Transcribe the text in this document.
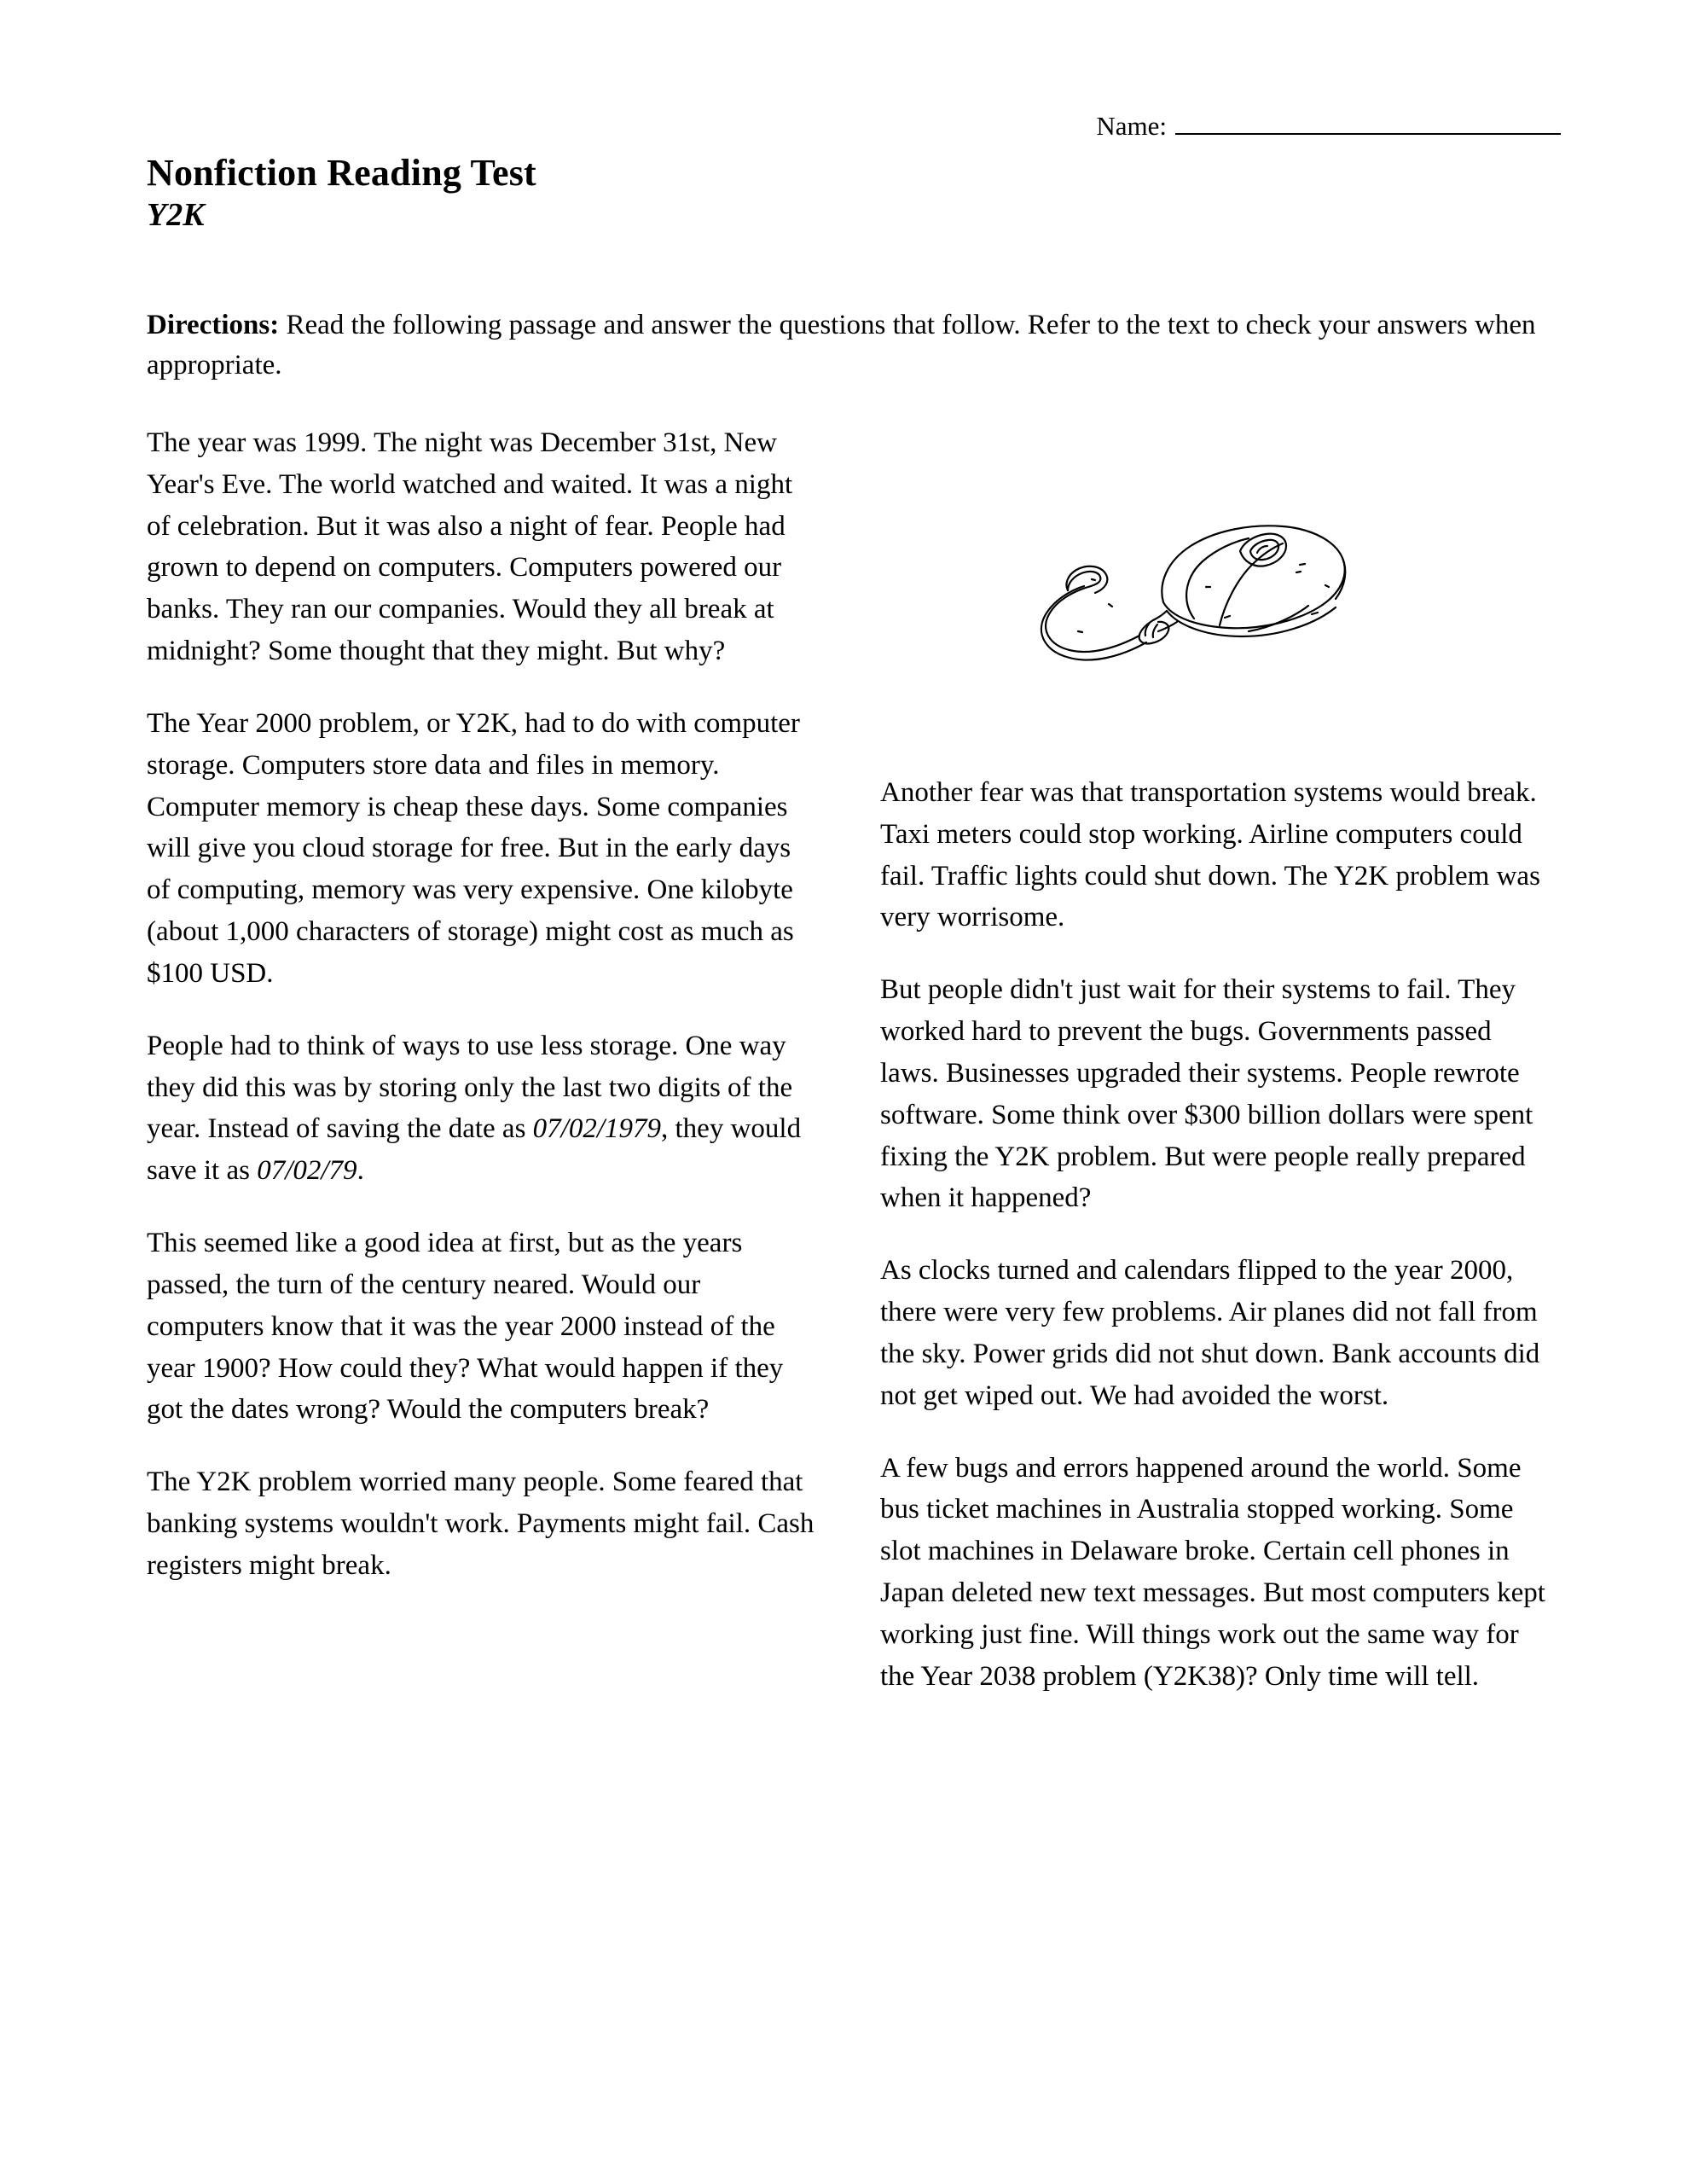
Name:
Nonfiction Reading Test
Y2K

Directions: Read the following passage and answer the questions that follow. Refer to the text to check your answers when appropriate.

The year was 1999. The night was December 31st, New Year's Eve. The world watched and waited. It was a night of celebration. But it was also a night of fear. People had grown to depend on computers. Computers powered our banks. They ran our companies. Would they all break at midnight? Some thought that they might. But why?

The Year 2000 problem, or Y2K, had to do with computer storage. Computers store data and files in memory. Computer memory is cheap these days. Some companies will give you cloud storage for free. But in the early days of computing, memory was very expensive. One kilobyte (about 1,000 characters of storage) might cost as much as $100 USD.

People had to think of ways to use less storage. One way they did this was by storing only the last two digits of the year. Instead of saving the date as 07/02/1979, they would save it as 07/02/79.

This seemed like a good idea at first, but as the years passed, the turn of the century neared. Would our computers know that it was the year 2000 instead of the year 1900? How could they? What would happen if they got the dates wrong? Would the computers break?

The Y2K problem worried many people. Some feared that banking systems wouldn't work. Payments might fail. Cash registers might break.

Another fear was that transportation systems would break. Taxi meters could stop working. Airline computers could fail. Traffic lights could shut down. The Y2K problem was very worrisome.

But people didn't just wait for their systems to fail. They worked hard to prevent the bugs. Governments passed laws. Businesses upgraded their systems. People rewrote software. Some think over $300 billion dollars were spent fixing the Y2K problem. But were people really prepared when it happened?

As clocks turned and calendars flipped to the year 2000, there were very few problems. Air planes did not fall from the sky. Power grids did not shut down. Bank accounts did not get wiped out. We had avoided the worst.

A few bugs and errors happened around the world. Some bus ticket machines in Australia stopped working. Some slot machines in Delaware broke. Certain cell phones in Japan deleted new text messages. But most computers kept working just fine. Will things work out the same way for the Year 2038 problem (Y2K38)? Only time will tell.
